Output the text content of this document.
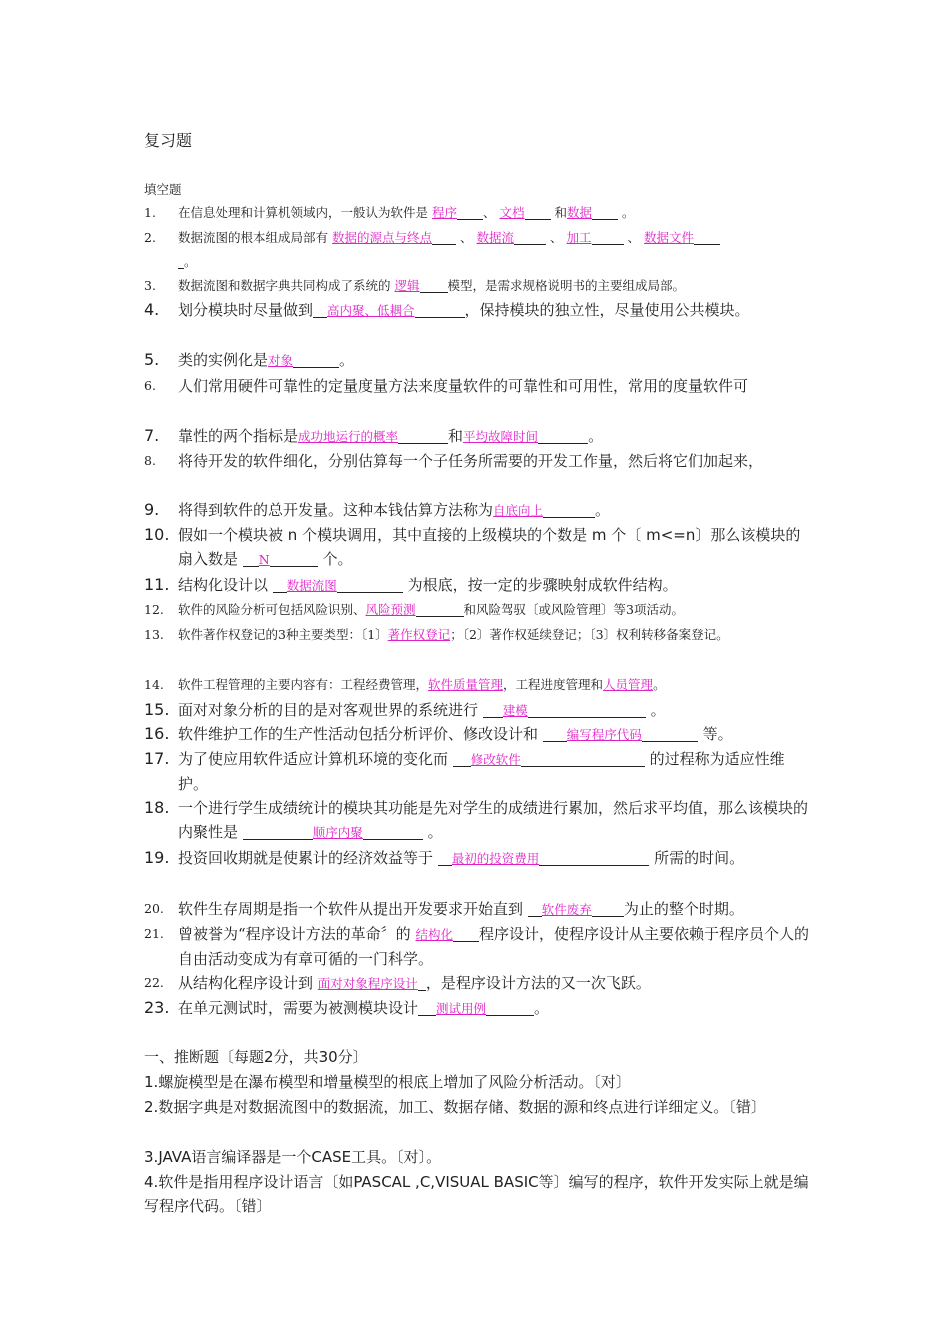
复习题
填空题
1.	在信息处理和计算机领域内，一般认为软件是 程序 、 文档 和数据 。
2.	数据流图的根本组成局部有 数据的源点与终点 、 数据流	、 加工	、 数据文件
。
3.	数据流图和数据字典共同构成了系统的 逻辑 模型，是需求规格说明书的主要组成局部。
4.	划分模块时尽量做到 高内聚、低耦合	，保持模块的独立性，尽量使用公共模块。
5.	类的实例化是对象	。
6.	人们常用硬件可靠性的定量度量方法来度量软件的可靠性和可用性，常用的度量软件可
7.	靠性的两个指标是成功地运行的概率	和平均故障时间	。
8.	将待开发的软件细化，分别估算每一个子任务所需要的开发工作量，然后将它们加起来，
9.	将得到软件的总开发量。这种本钱估算方法称为自底向上	。
10. 假如一个模块被 n 个模块调用，其中直接的上级模块的个数是 m 个〔 m<=n〕那么该模块的扇入数是 N	个。
11. 结构化设计以 数据流图	为根底，按一定的步骤映射成软件结构。
12.	软件的风险分析可包括风险识别、风险预测	和风险驾驭〔或风险管理〕等3项活动。
13.	软件著作权登记的3种主要类型：〔1〕著作权登记；〔2〕著作权延续登记；〔3〕权利转移备案登记。
14.	软件工程管理的主要内容有：工程经费管理，软件质量管理，工程进度管理和人员管理。
15. 面对对象分析的目的是对客观世界的系统进行 建模	。
16. 软件维护工作的生产性活动包括分析评价、修改设计和 编写程序代码	等。
17. 为了使应用软件适应计算机环境的变化而 修改软件	的过程称为适应性维护。
18. 一个进行学生成绩统计的模块其功能是先对学生的成绩进行累加，然后求平均值，那么该模块的内聚性是	顺序内聚	。
19. 投资回收期就是使累计的经济效益等于 最初的投资费用	所需的时间。
20. 软件生存周期是指一个软件从提出开发要求开始直到 软件废弃 为止的整个时期。
21. 曾被誉为“程序设计方法的革命〞的 结构化 程序设计，使程序设计从主要依赖于程序员个人的自由活动变成为有章可循的一门科学。
22. 从结构化程序设计到 面对对象程序设计 ，是程序设计方法的又一次飞跃。
23. 在单元测试时，需要为被测模块设计 测试用例	。
一、推断题〔每题2分，共30分〕
1.螺旋模型是在瀑布模型和增量模型的根底上增加了风险分析活动。〔对〕
2.数据字典是对数据流图中的数据流，加工、数据存储、数据的源和终点进行详细定义。〔错〕
3.JAVA语言编译器是一个CASE工具。〔对〕。
4.软件是指用程序设计语言〔如PASCAL ,C,VISUAL BASIC等〕编写的程序，软件开发实际上就是编写程序代码。〔错〕
